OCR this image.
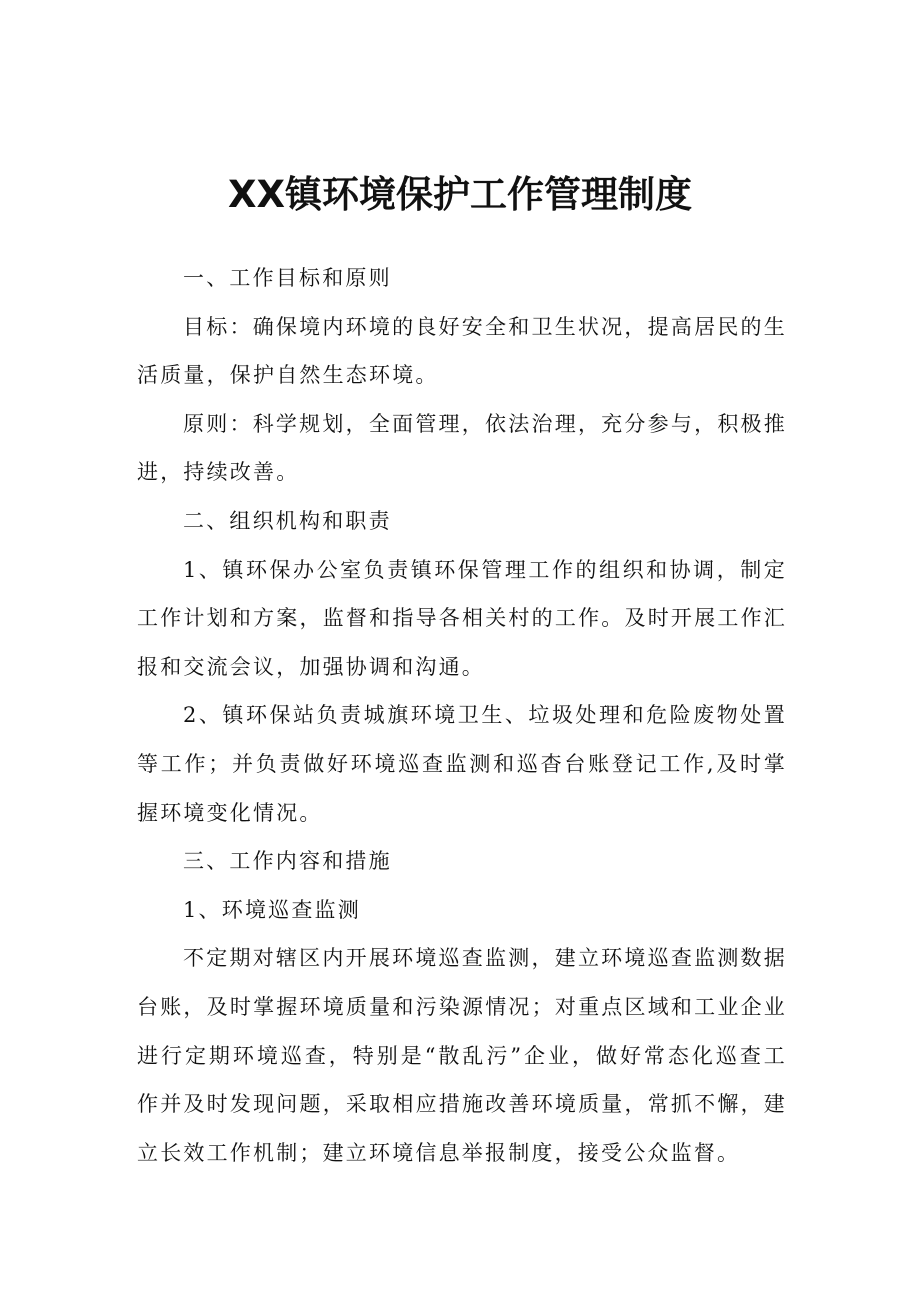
XX镇环境保护工作管理制度

一、工作目标和原则

目标：确保境内环境的良好安全和卫生状况，提高居民的生活质量，保护自然生态环境。

原则：科学规划，全面管理，依法治理，充分参与，积极推进，持续改善。

二、组织机构和职责

1、镇环保办公室负责镇环保管理工作的组织和协调，制定工作计划和方案，监督和指导各相关村的工作。及时开展工作汇报和交流会议，加强协调和沟通。

2、镇环保站负责城旗环境卫生、垃圾处理和危险废物处置等工作；并负责做好环境巡查监测和巡杳台账登记工作,及时掌握环境变化情况。

三、工作内容和措施

1、环境巡查监测

不定期对辖区内开展环境巡查监测，建立环境巡查监测数据台账，及时掌握环境质量和污染源情况；对重点区域和工业企业进行定期环境巡查，特别是“散乱污”企业，做好常态化巡查工作并及时发现问题，采取相应措施改善环境质量，常抓不懈，建立长效工作机制；建立环境信息举报制度，接受公众监督。
